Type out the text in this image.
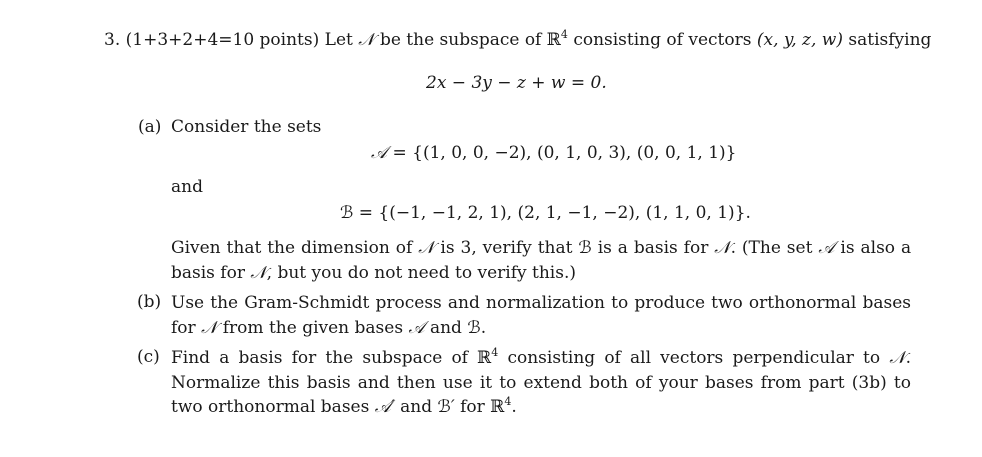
3. (1+3+2+4=10 points) Let 𝒩 be the subspace of ℝ$^4$ consisting of vectors (x, y, z, w) satisfying
2x − 3y − z + w = 0.
(a) Consider the sets
𝒜 = {(1, 0, 0, −2), (0, 1, 0, 3), (0, 0, 1, 1)}
and
ℬ = {(−1, −1, 2, 1), (2, 1, −1, −2), (1, 1, 0, 1)}.
Given that the dimension of 𝒩 is 3, verify that ℬ is a basis for 𝒩. (The set 𝒜 is also a basis for 𝒩, but you do not need to verify this.)
(b) Use the Gram-Schmidt process and normalization to produce two orthonormal bases for 𝒩 from the given bases 𝒜 and ℬ.
(c) Find a basis for the subspace of ℝ$^4$ consisting of all vectors perpendicular to 𝒩. Normalize this basis and then use it to extend both of your bases from part (3b) to two orthonormal bases 𝒜′ and ℬ′ for ℝ$^4$.
